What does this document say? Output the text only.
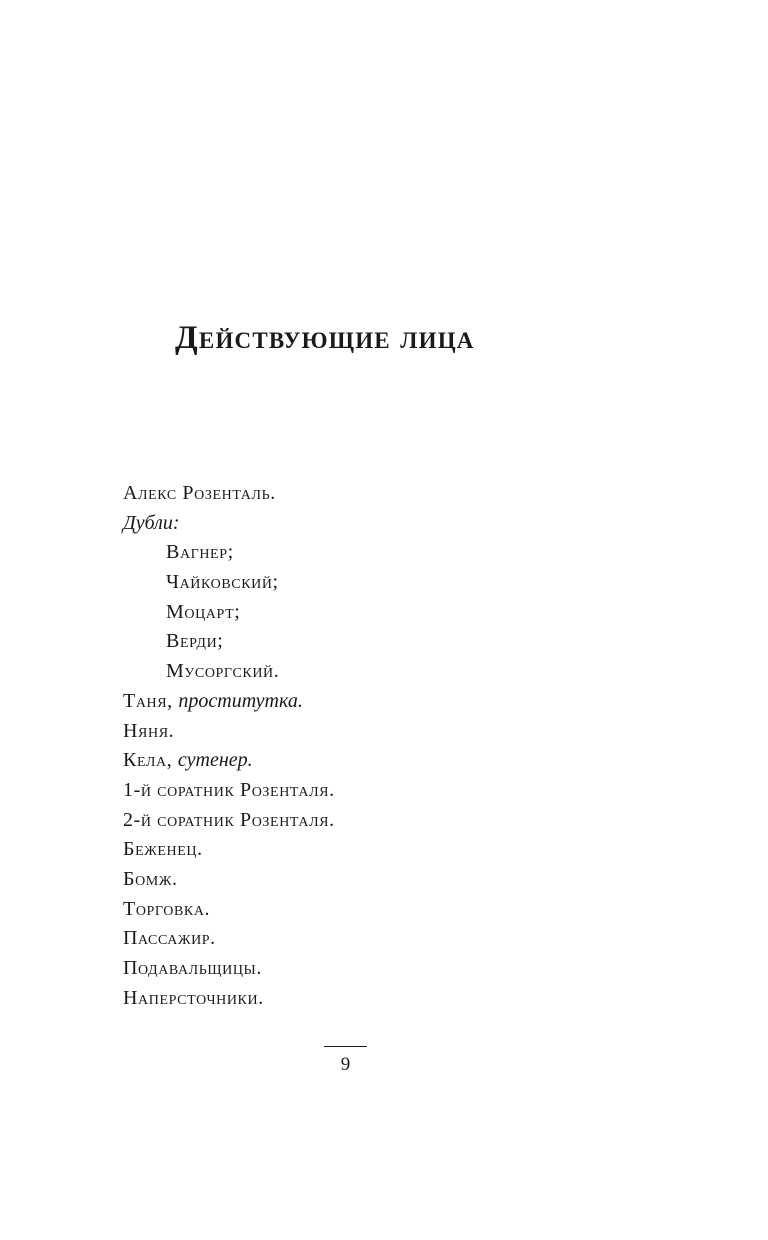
Действующие лица
Алекс Розенталь.
Дубли:
Вагнер;
Чайковский;
Моцарт;
Верди;
Мусоргский.
Таня, проститутка.
Няня.
Кела, сутенер.
1-й соратник Розенталя.
2-й соратник Розенталя.
Беженец.
Бомж.
Торговка.
Пассажир.
Подавальщицы.
Наперсточники.
9
